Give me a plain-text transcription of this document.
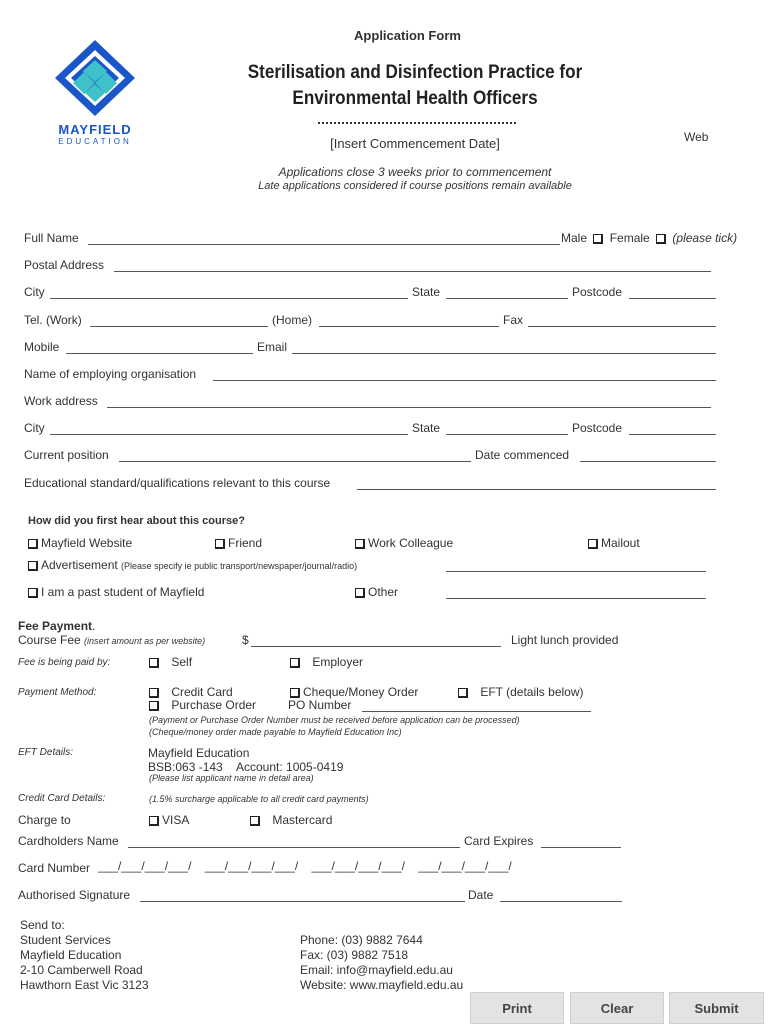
MAYFIELD
EDUCATION
Application Form
Sterilisation and Disinfection Practice for
Environmental Health Officers
[Insert Commencement Date]	Web
Applications close 3 weeks prior to commencement
Late applications considered if course positions remain available
Full Name	Male Female (please tick)
Postal Address
City	State	Postcode
Tel. (Work)	(Home)	Fax
Mobile	Email
Name of employing organisation
Work address
City	State	Postcode
Current position	Date commenced
Educational standard/qualifications relevant to this course
How did you first hear about this course?
Mayfield Website	Friend	Work Colleague	Mailout
Advertisement (Please specify ie public transport/newspaper/journal/radio)
I am a past student of Mayfield	Other
Fee Payment.
Course Fee (insert amount as per website)	$	Light lunch provided
Fee is being paid by:	Self	Employer
Payment Method:	Credit Card	Cheque/Money Order	EFT (details below)
Purchase Order	PO Number
(Payment or Purchase Order Number must be received before application can be processed)
(Cheque/money order made payable to Mayfield Education Inc)
EFT Details:	Mayfield Education
BSB:063 -143 Account: 1005-0419
(Please list applicant name in detail area)
Credit Card Details:	(1.5% surcharge applicable to all credit card payments)
Charge to	VISA	Mastercard
Cardholders Name	Card Expires
Card Number ___/___/___/___/    ___/___/___/___/    ___/___/___/___/    ___/___/___/___/
Authorised Signature	Date
Send to:
Student Services
Mayfield Education
2-10 Camberwell Road
Hawthorn East Vic 3123
Phone: (03) 9882 7644
Fax: (03) 9882 7518
Email: info@mayfield.edu.au
Website: www.mayfield.edu.au
Print	Clear	Submit
